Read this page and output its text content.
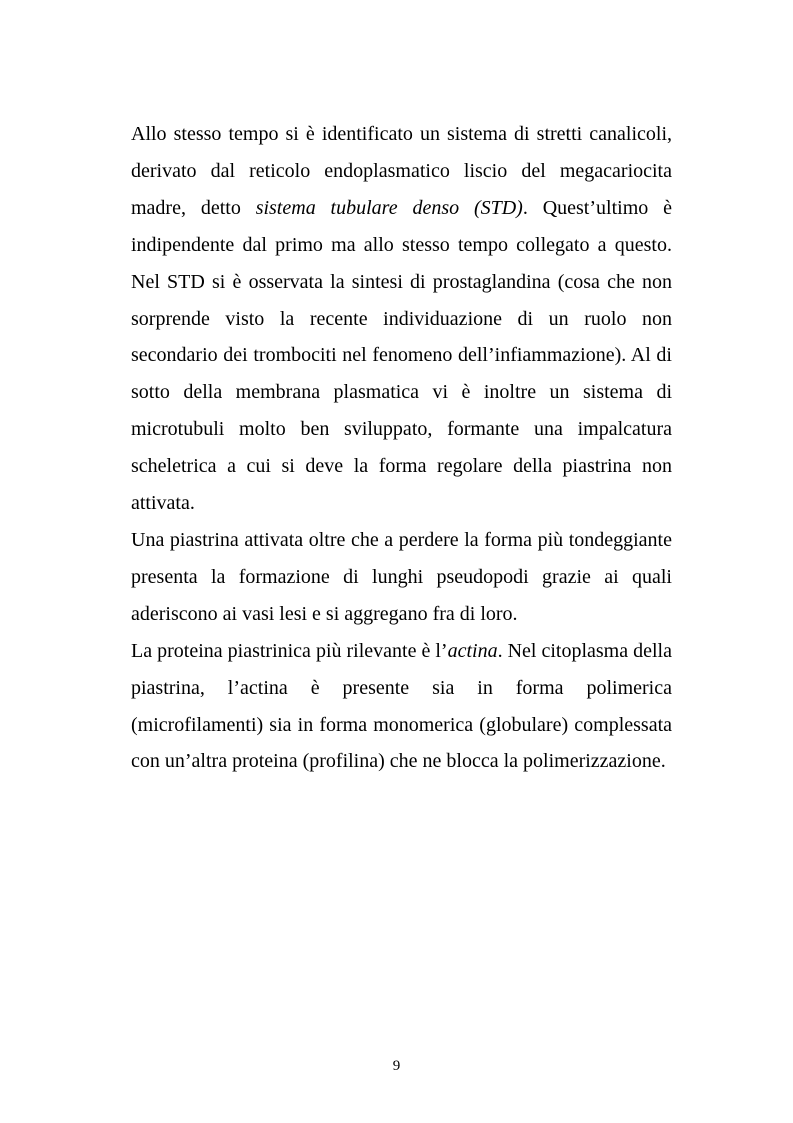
Allo stesso tempo si è identificato un sistema di stretti canalicoli, derivato dal reticolo endoplasmatico liscio del megacariocita madre, detto sistema tubulare denso (STD). Quest’ultimo è indipendente dal primo ma allo stesso tempo collegato a questo. Nel STD si è osservata la sintesi di prostaglandina (cosa che non sorprende visto la recente individuazione di un ruolo non secondario dei trombociti nel fenomeno dell’infiammazione). Al di sotto della membrana plasmatica vi è inoltre un sistema di microtubuli molto ben sviluppato, formante una impalcatura scheletrica a cui si deve la forma regolare della piastrina non attivata.

Una piastrina attivata oltre che a perdere la forma più tondeggiante presenta la formazione di lunghi pseudopodi grazie ai quali aderiscono ai vasi lesi e si aggregano fra di loro.

La proteina piastrinica più rilevante è l’actina. Nel citoplasma della piastrina, l’actina è presente sia in forma polimerica (microfilamenti) sia in forma monomerica (globulare) complessata con un’altra proteina (profilina) che ne blocca la polimerizzazione.

9
